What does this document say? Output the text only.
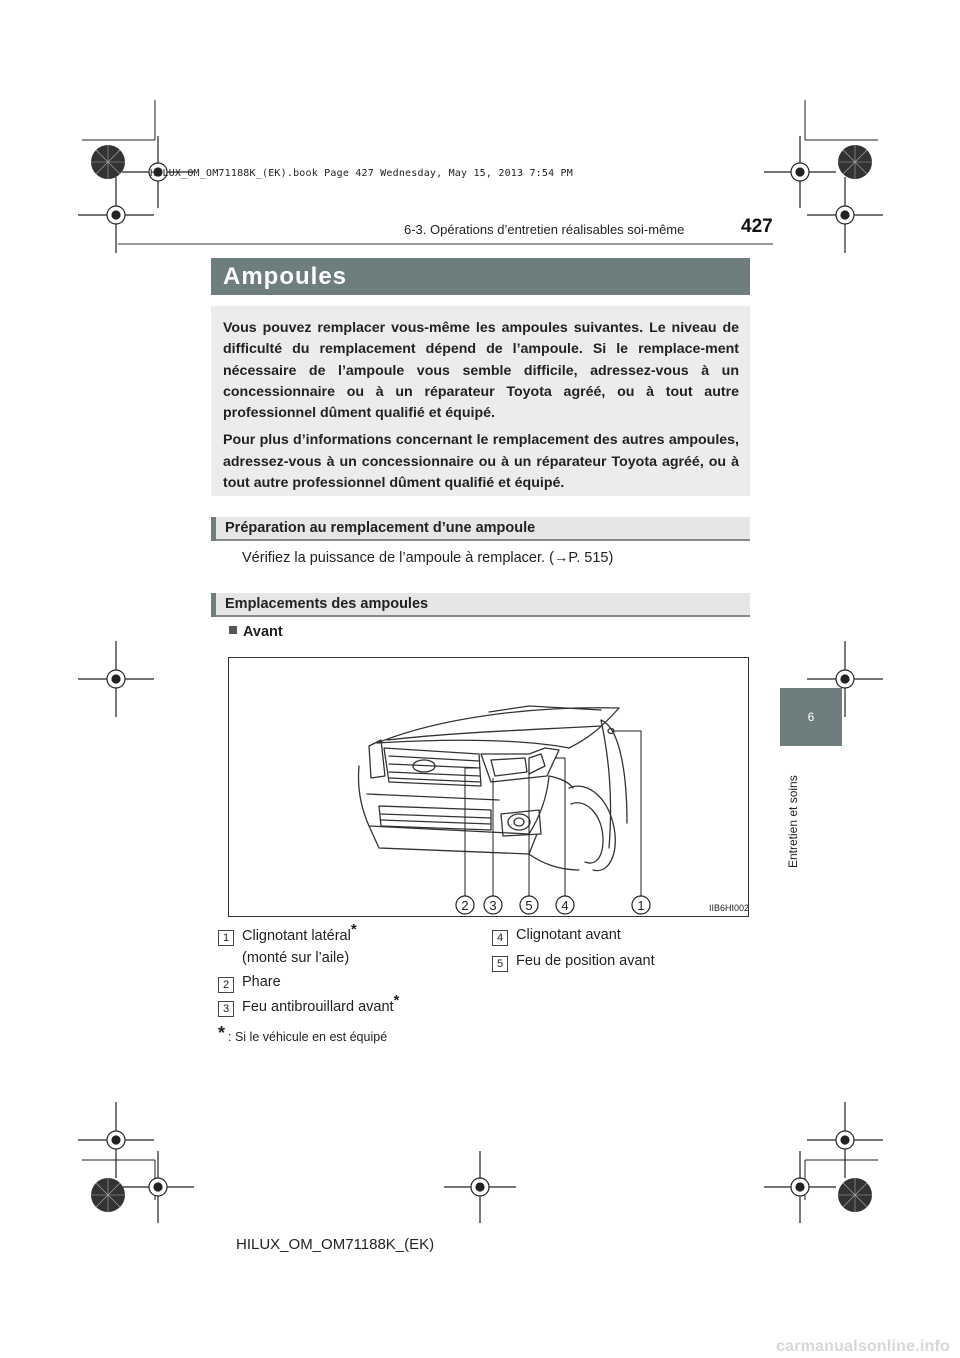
HILUX_OM_OM71188K_(EK).book Page 427 Wednesday, May 15, 2013 7:54 PM
6-3. Opérations d’entretien réalisables soi-même	427
6
Entretien et soins
Ampoules

Vous pouvez remplacer vous-même les ampoules suivantes. Le niveau de difficulté du remplacement dépend de l’ampoule. Si le remplace-ment nécessaire de l’ampoule vous semble difficile, adressez-vous à un concessionnaire ou à un réparateur Toyota agréé, ou à tout autre professionnel dûment qualifié et équipé.

Pour plus d’informations concernant le remplacement des autres ampoules, adressez-vous à un concessionnaire ou à un réparateur Toyota agréé, ou à tout autre professionnel dûment qualifié et équipé.

Préparation au remplacement d’une ampoule
Vérifiez la puissance de l’ampoule à remplacer. (→P. 515)
Emplacements des ampoules
Avant
2 3 5 4	1	IIB6HI002
1 Clignotant latéral*
(monté sur l’aile)
2 Phare
3 Feu antibrouillard avant*
4 Clignotant avant
5 Feu de position avant
* : Si le véhicule en est équipé
HILUX_OM_OM71188K_(EK)
carmanualsonline.info
